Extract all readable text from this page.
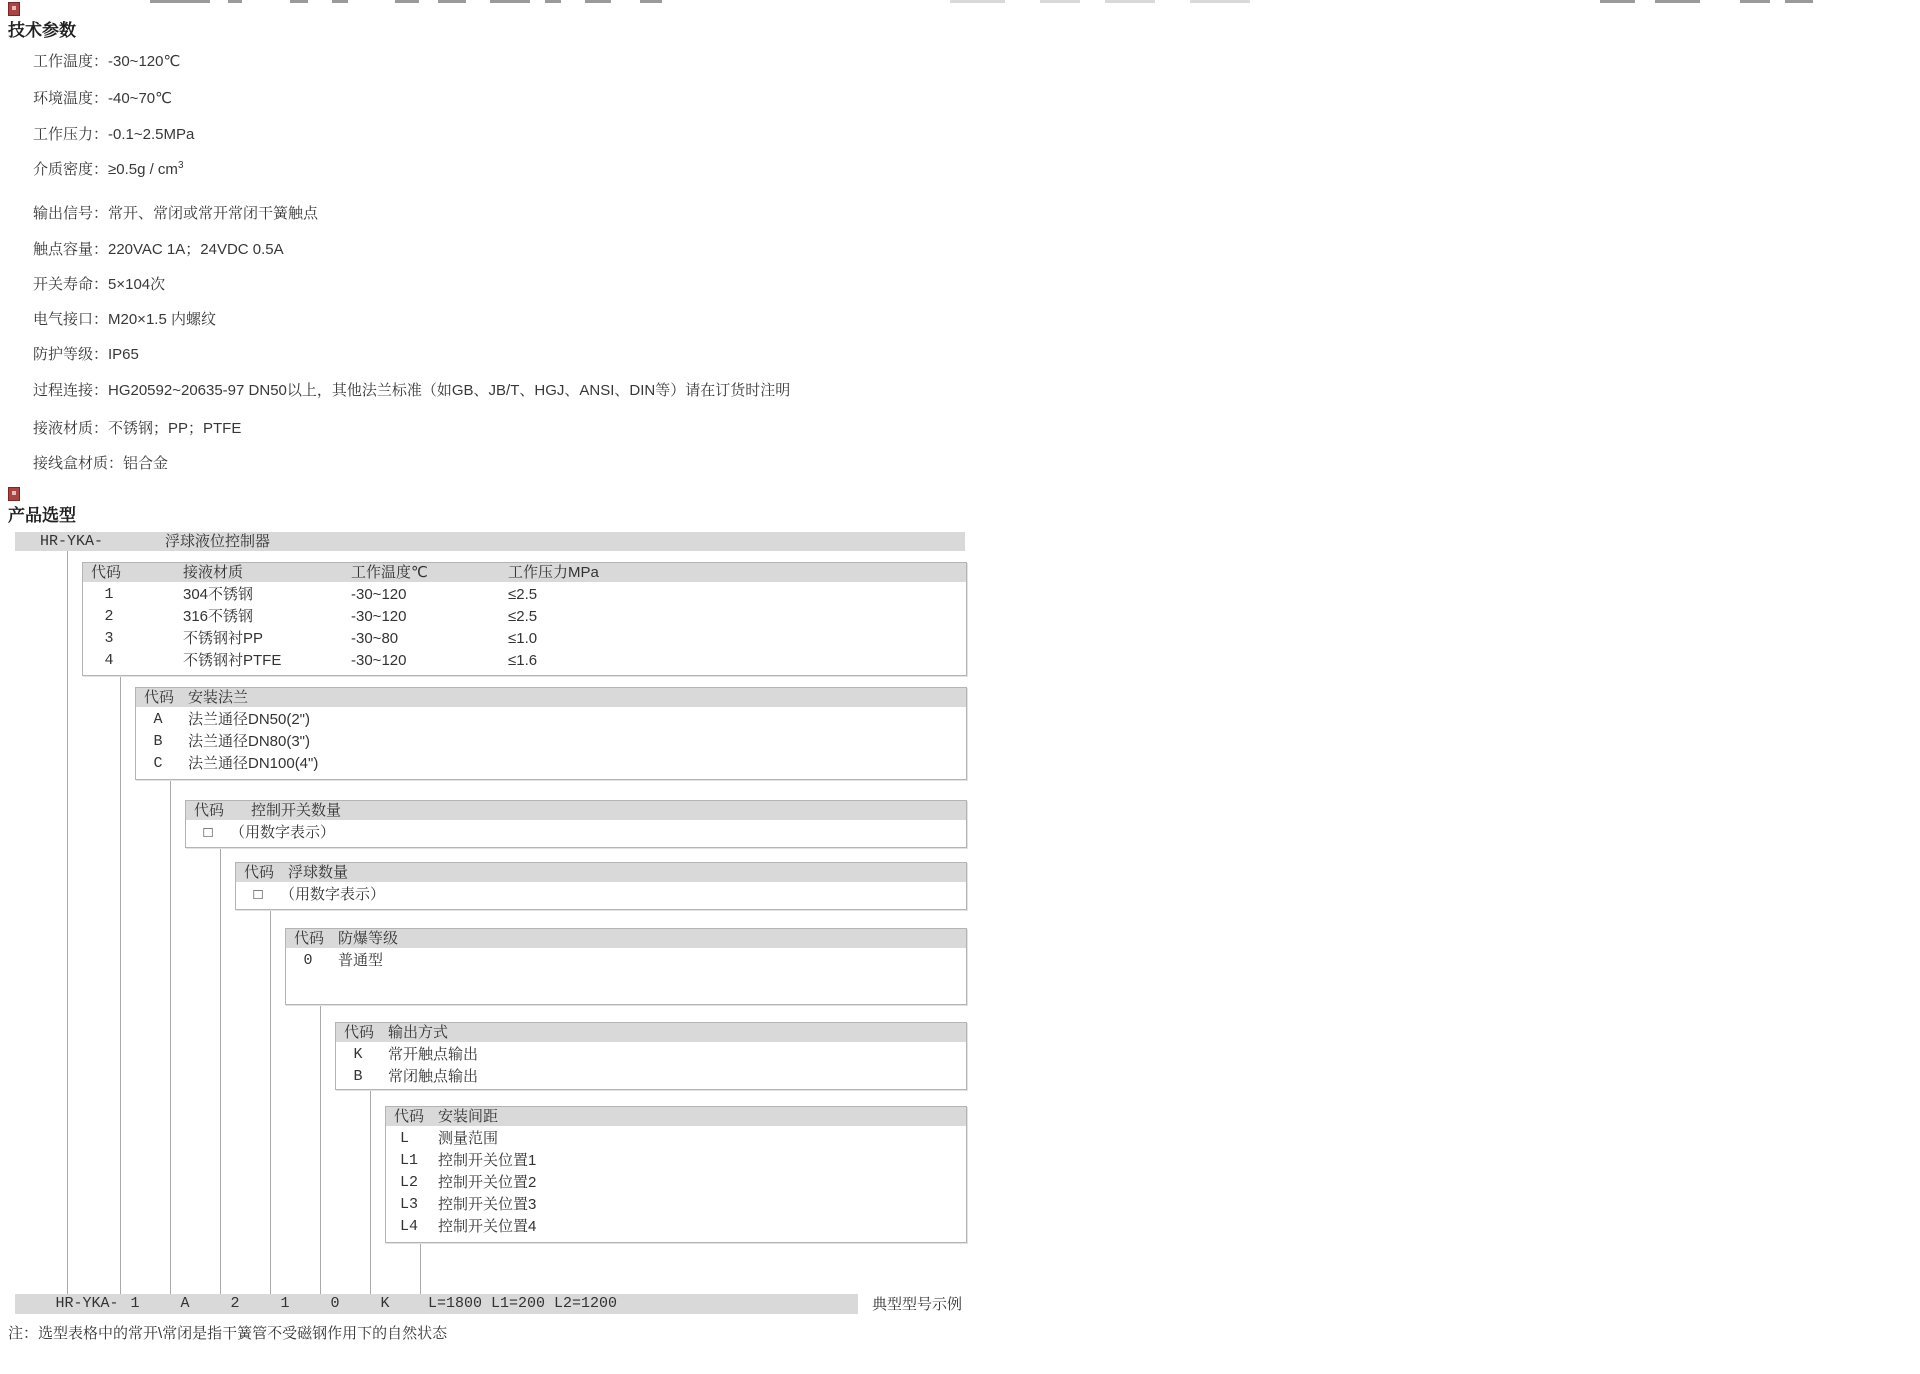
技术参数
工作温度：-30~120℃
环境温度：-40~70℃
工作压力：-0.1~2.5MPa
介质密度：$\ge 0.5g / cm^3$
输出信号：常开、常闭或常开常闭干簧触点
触点容量：220VAC 1A；24VDC 0.5A
开关寿命：5×104次
电气接口：M20×1.5 内螺纹
防护等级：IP65
过程连接：HG20592~20635-97 DN50以上，其他法兰标准（如GB、JB/T、HGJ、ANSI、DIN等）请在订货时注明
接液材质：不锈钢；PP；PTFE
接线盒材质：铝合金
产品选型
HR-YKA-	浮球液位控制器
代码	接液材质	工作温度℃	工作压力MPa
1	304不锈钢	-30~120	≤2.5
2	316不锈钢	-30~120	≤2.5
3	不锈钢衬PP	-30~80	≤1.0
4	不锈钢衬PTFE	-30~120	≤1.6
代码 安装法兰
A	法兰通径DN50(2")
B	法兰通径DN80(3")
C	法兰通径DN100(4")
代码 控制开关数量
□	（用数字表示）
代码 浮球数量
□	（用数字表示）
代码 防爆等级
0	普通型
代码 输出方式
K	常开触点输出
B	常闭触点输出
代码 安装间距
L 测量范围
L1 控制开关位置1
L2 控制开关位置2
L3 控制开关位置3
L4 控制开关位置4
HR-YKA- 1	A	2	1	0	K	L=1800 L1=200 L2=1200	典型型号示例
注：选型表格中的常开\常闭是指干簧管不受磁钢作用下的自然状态
